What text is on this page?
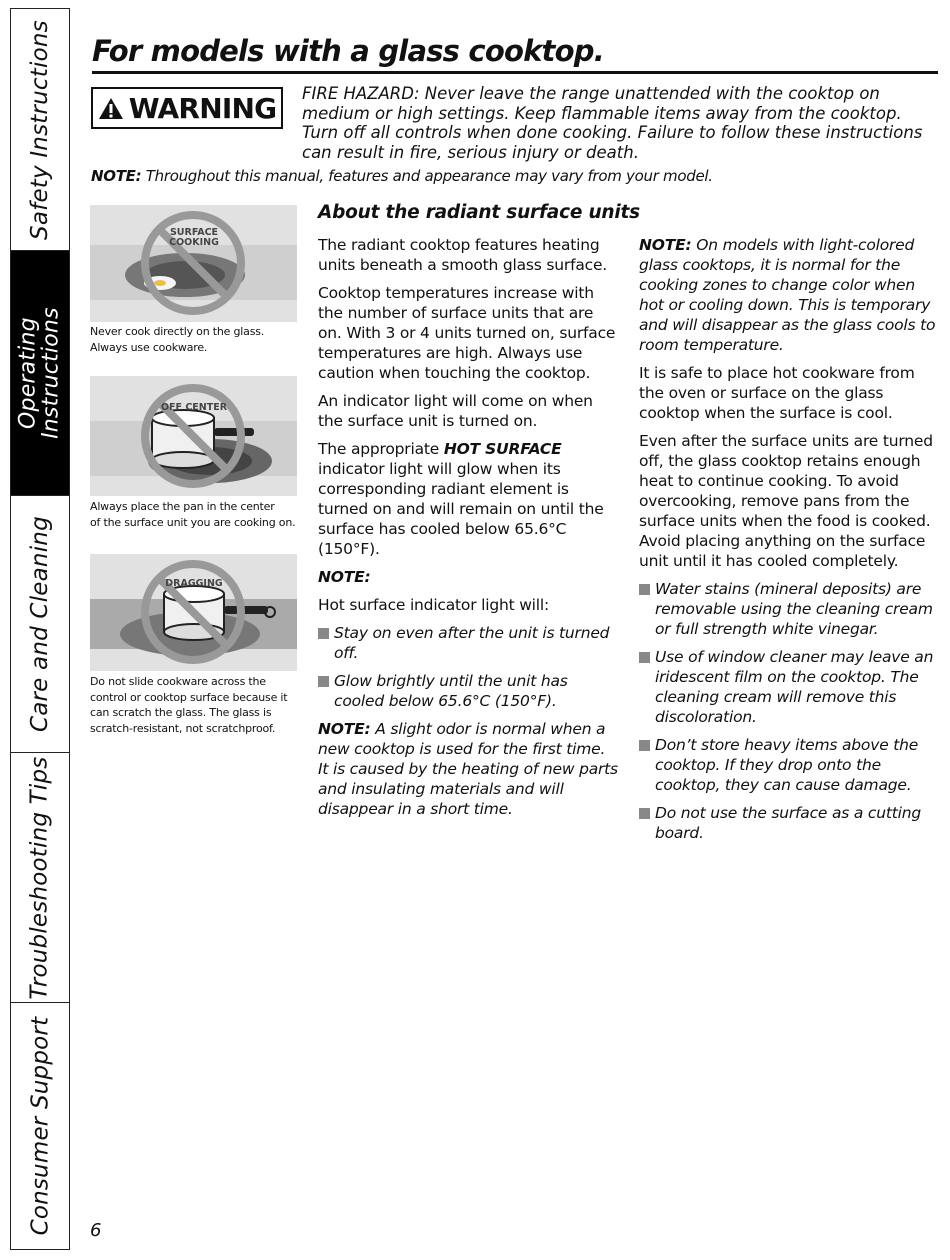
Safety Instructions
Operating
Instructions
Care and Cleaning
Troubleshooting Tips
Consumer Support
For models with a glass cooktop.
WARNING FIRE HAZARD: Never leave the range unattended with the cooktop on medium or high settings. Keep flammable items away from the cooktop. Turn off all controls when done cooking. Failure to follow these instructions can result in fire, serious injury or death.

NOTE: Throughout this manual, features and appearance may vary from your model.

SURFACE
COOKING

Never cook directly on the glass.
Always use cookware.

OFF CENTER

Always place the pan in the center
of the surface unit you are cooking on.

DRAGGING

Do not slide cookware across the control or cooktop surface because it can scratch the glass. The glass is scratch-resistant, not scratchproof.

About the radiant surface units

The radiant cooktop features heating units beneath a smooth glass surface.

Cooktop temperatures increase with the number of surface units that are on. With 3 or 4 units turned on, surface temperatures are high. Always use caution when touching the cooktop.

An indicator light will come on when the surface unit is turned on.

The appropriate HOT SURFACE indicator light will glow when its corresponding radiant element is turned on and will remain on until the surface has cooled below 65.6°C (150°F).

NOTE:

Hot surface indicator light will:

Stay on even after the unit is turned off.
Glow brightly until the unit has cooled below 65.6°C (150°F).

NOTE: A slight odor is normal when a new cooktop is used for the first time. It is caused by the heating of new parts and insulating materials and will disappear in a short time.

NOTE: On models with light-colored glass cooktops, it is normal for the cooking zones to change color when hot or cooling down. This is temporary and will disappear as the glass cools to room temperature.

It is safe to place hot cookware from the oven or surface on the glass cooktop when the surface is cool.

Even after the surface units are turned off, the glass cooktop retains enough heat to continue cooking. To avoid overcooking, remove pans from the surface units when the food is cooked. Avoid placing anything on the surface unit until it has cooled completely.

Water stains (mineral deposits) are removable using the cleaning cream or full strength white vinegar.
Use of window cleaner may leave an iridescent film on the cooktop. The cleaning cream will remove this discoloration.
Don’t store heavy items above the cooktop. If they drop onto the cooktop, they can cause damage.
Do not use the surface as a cutting board.
6
